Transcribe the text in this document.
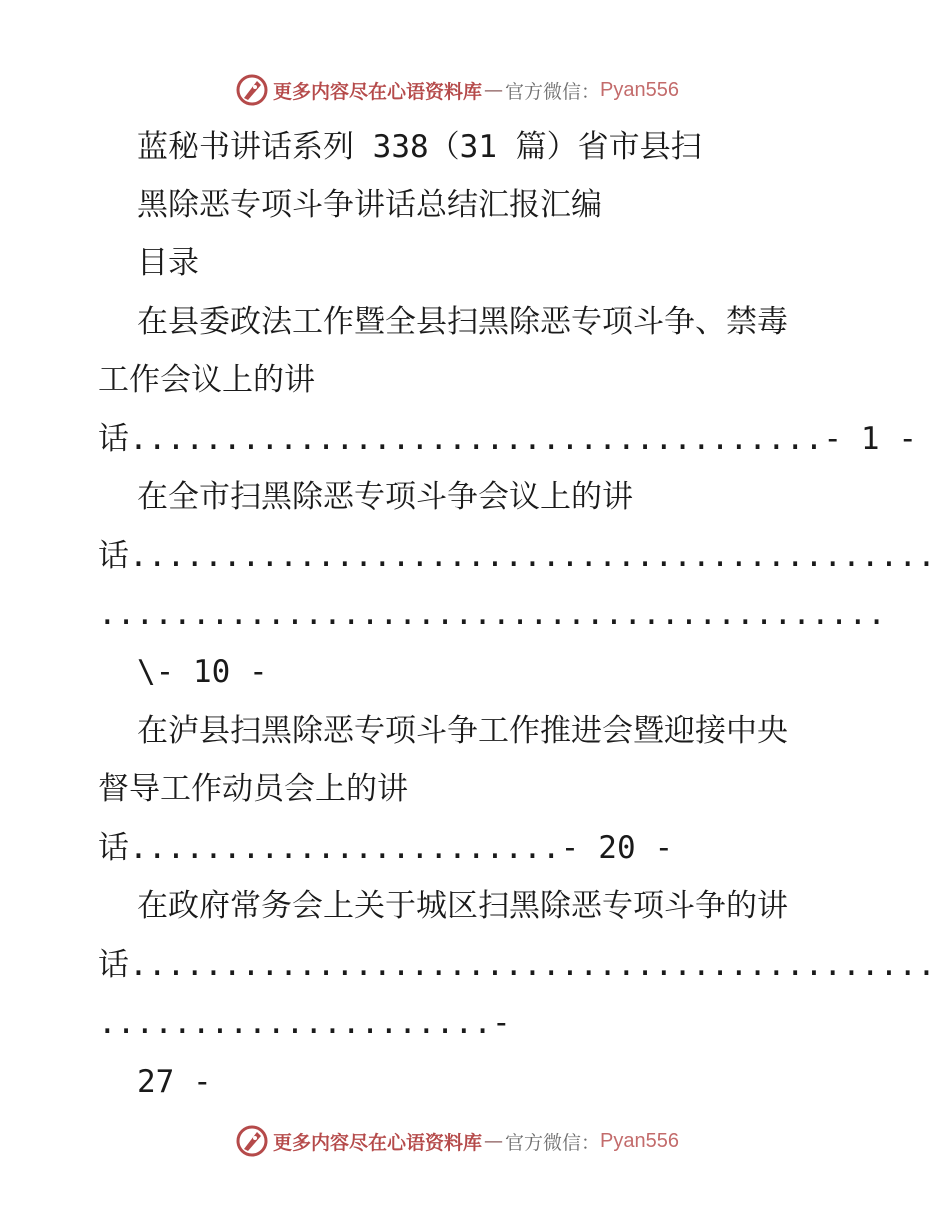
更多内容尽在心语资料库 — 官方微信： Pyan556
蓝秘书讲话系列 338（31 篇）省市县扫
黑除恶专项斗争讲话总结汇报汇编
目录
在县委政法工作暨全县扫黑除恶专项斗争、禁毒
工作会议上的讲
话.....................................- 1 -
在全市扫黑除恶专项斗争会议上的讲
话...........................................
..........................................
\- 10 -
在泸县扫黑除恶专项斗争工作推进会暨迎接中央
督导工作动员会上的讲
话.......................- 20 -
在政府常务会上关于城区扫黑除恶专项斗争的讲
话...........................................
.....................-
27 -
更多内容尽在心语资料库 — 官方微信： Pyan556
